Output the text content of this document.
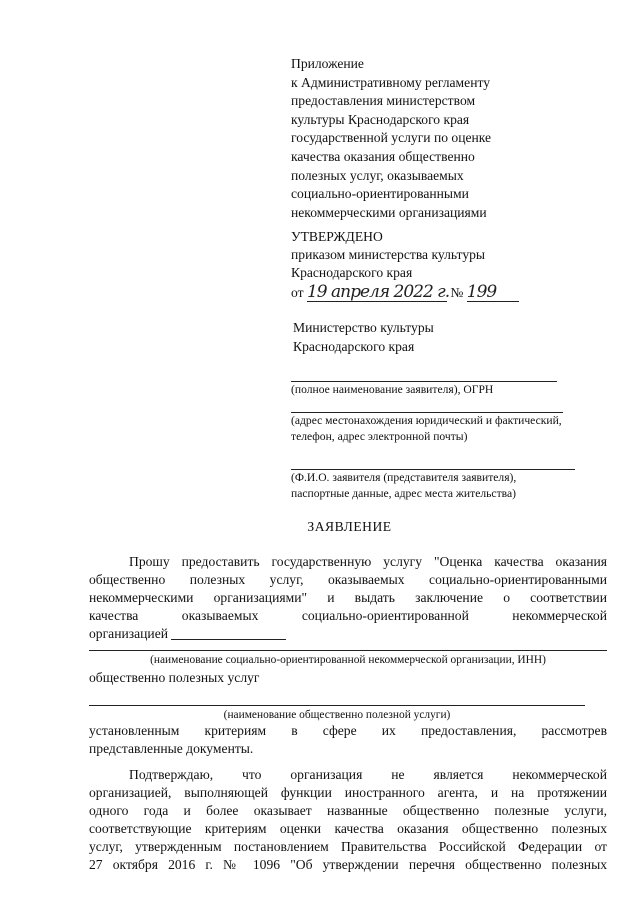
Приложение
к Административному регламенту
предоставления министерством
культуры Краснодарского края
государственной услуги по оценке
качества оказания общественно
полезных услуг, оказываемых
социально-ориентированными
некоммерческими организациями
УТВЕРЖДЕНО
приказом министерства культуры
Краснодарского края
от 19 апреля 2022 г. № 199
Министерство культуры
Краснодарского края
(полное наименование заявителя), ОГРН
(адрес местонахождения юридический и фактический,
телефон, адрес электронной почты)
(Ф.И.О. заявителя (представителя заявителя),
паспортные данные, адрес места жительства)
ЗАЯВЛЕНИЕ
Прошу предоставить государственную услугу "Оценка качества оказания
общественно полезных услуг, оказываемых социально-ориентированными
некоммерческими организациями" и выдать заключение о соответствии
качества оказываемых социально-ориентированной некоммерческой
организацией
(наименование социально-ориентированной некоммерческой организации, ИНН)
общественно полезных услуг
(наименование общественно полезной услуги)
установленным критериям в сфере их предоставления, рассмотрев
представленные документы.
Подтверждаю, что организация не является некоммерческой
организацией, выполняющей функции иностранного агента, и на протяжении
одного года и более оказывает названные общественно полезные услуги,
соответствующие критериям оценки качества оказания общественно полезных
услуг, утвержденным постановлением Правительства Российской Федерации от
27 октября 2016 г. № 1096 "Об утверждении перечня общественно полезных
